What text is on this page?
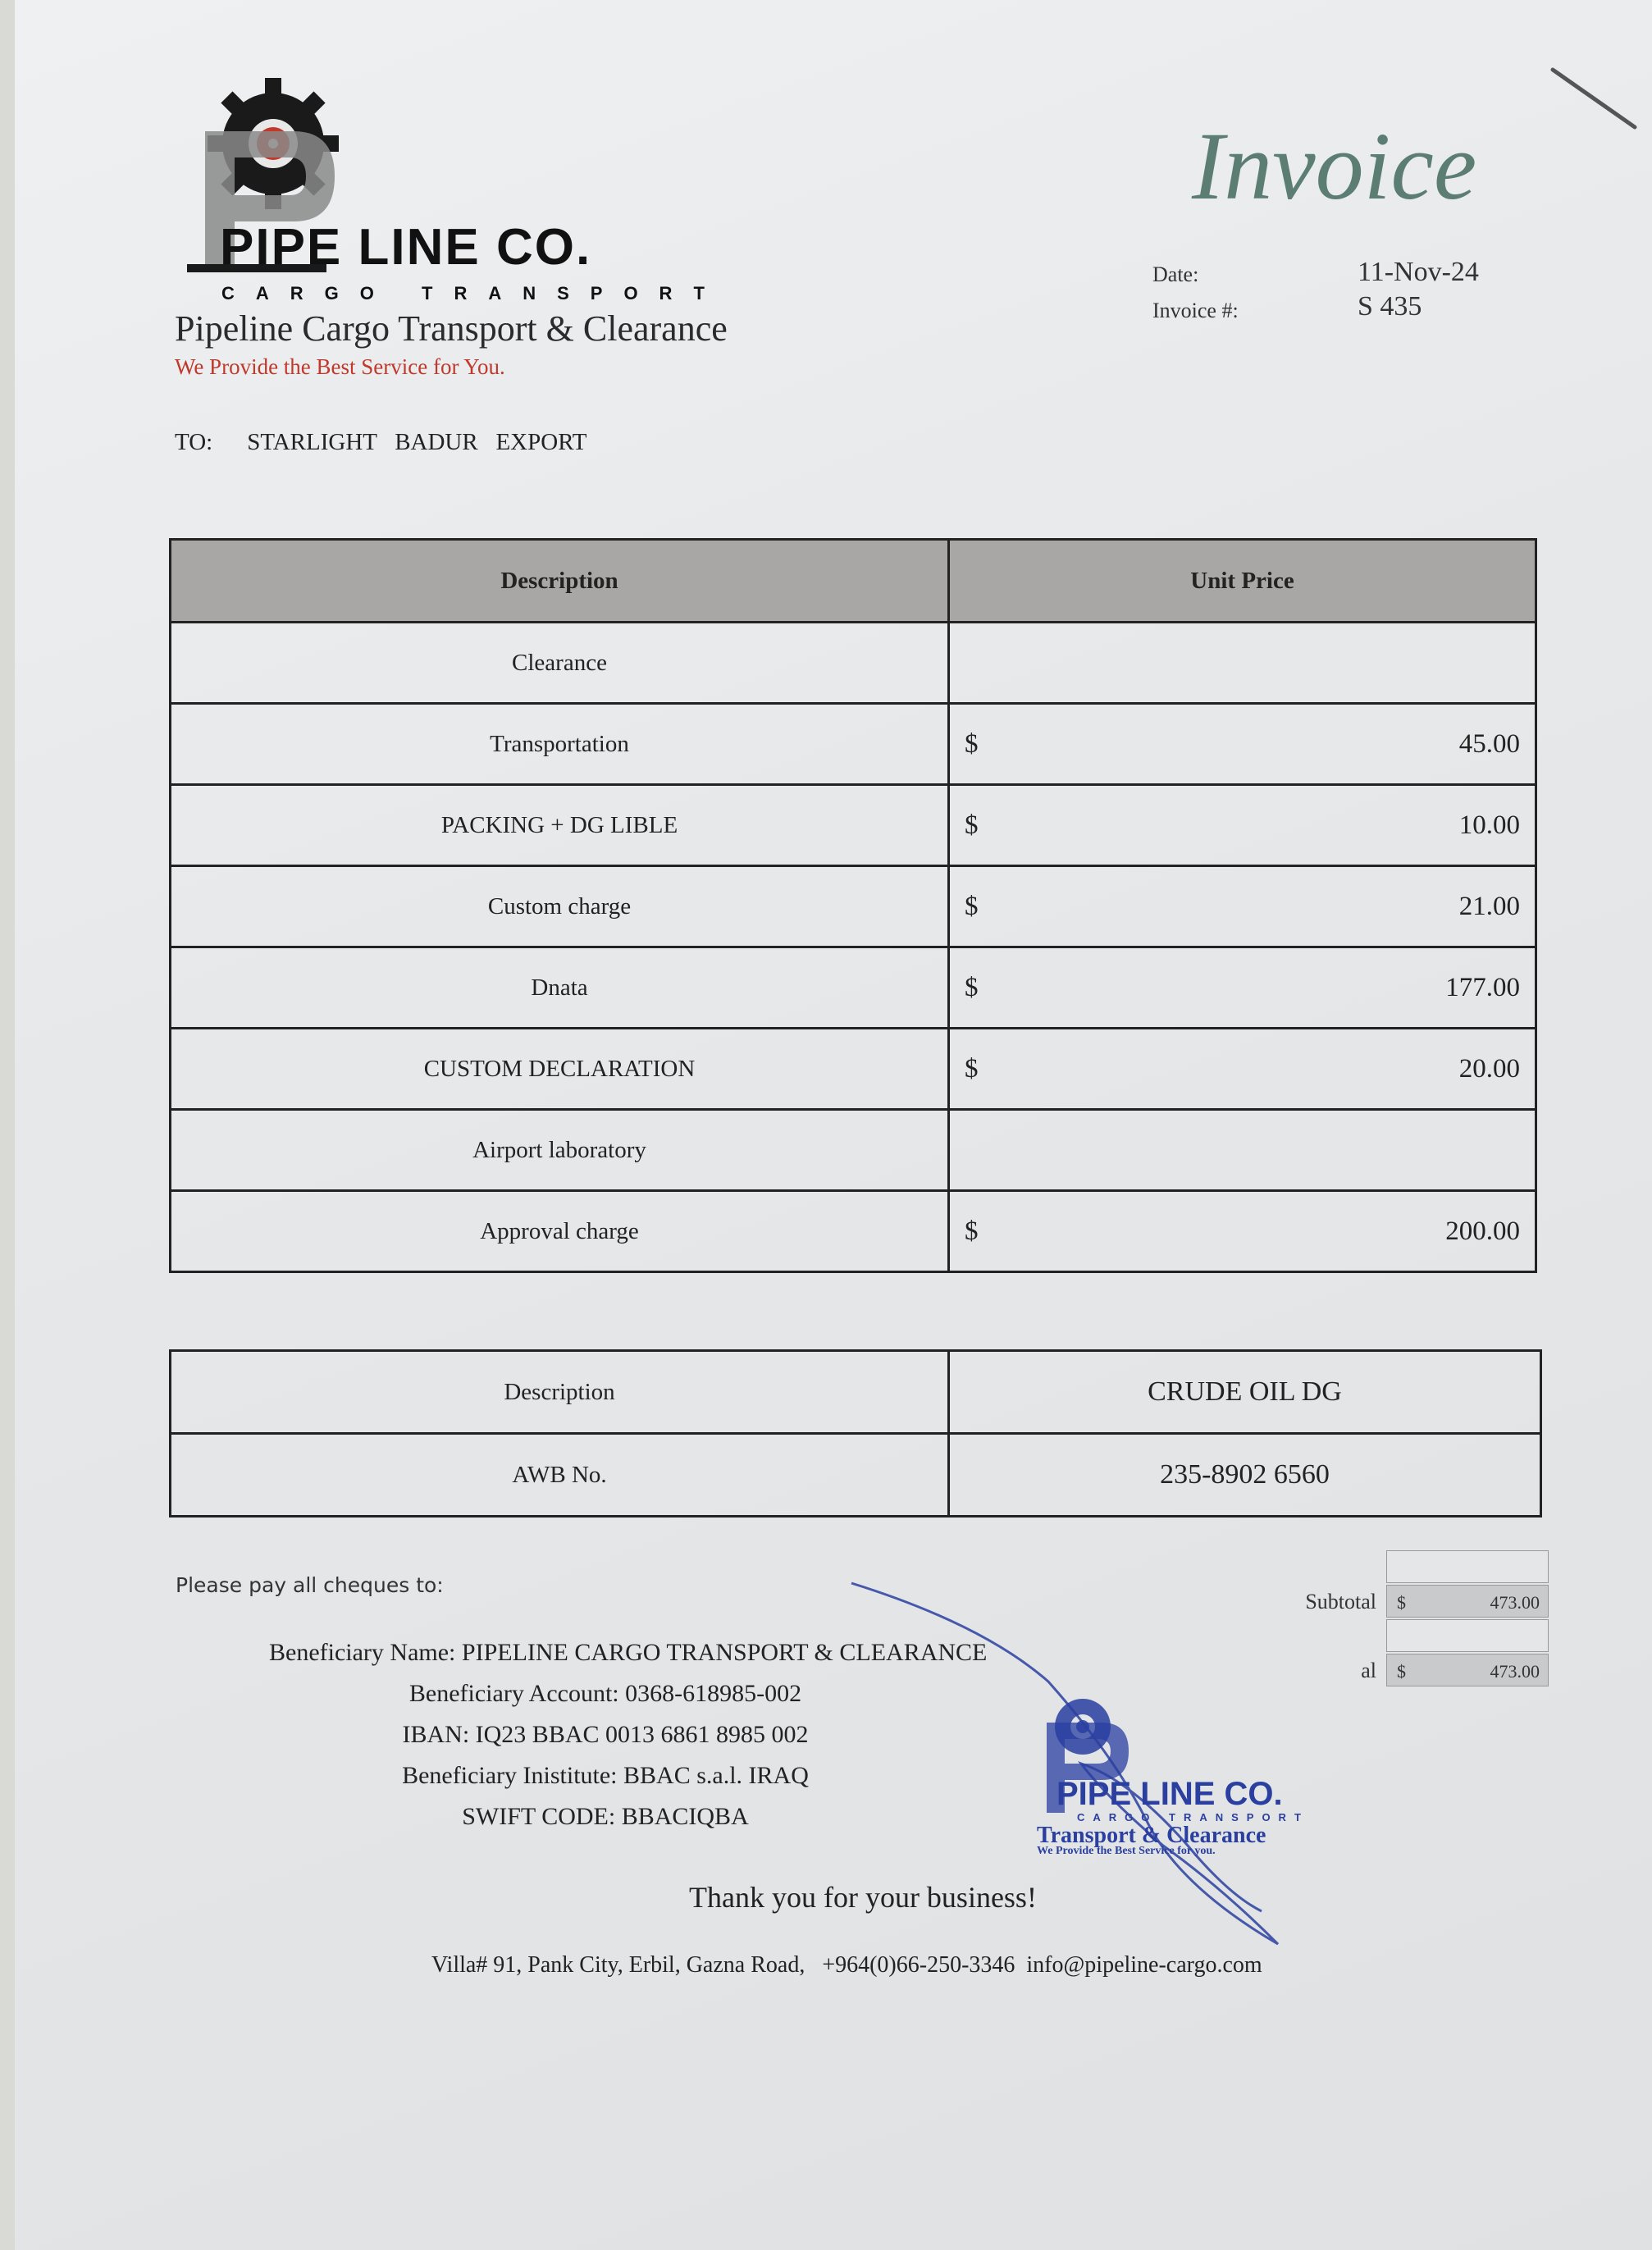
PIPE LINE CO.
CARGO TRANSPORT
Pipeline Cargo Transport & Clearance
We Provide the Best Service for You.
Invoice
Date:	11-Nov-24
Invoice #:	S 435
TO: STARLIGHT   BADUR   EXPORT
Description	Unit Price
Clearance	

Transportation	$ 45.00

PACKING + DG LIBLE	$ 10.00

Custom charge	$ 21.00

Dnata	$ 177.00

CUSTOM DECLARATION	$ 20.00

Airport laboratory	

Approval charge	$ 200.00
Description	CRUDE OIL DG
AWB No.	235-8902 6560
Please pay all cheques to:
Beneficiary Name: PIPELINE CARGO TRANSPORT & CLEARANCE
Beneficiary Account: 0368-618985-002
IBAN: IQ23 BBAC 0013 6861 8985 002
Beneficiary Inistitute: BBAC s.a.l. IRAQ
SWIFT CODE: BBACIQBA
Subtotal $	473.00
al $	473.00
PIPE LINE CO.
CARGO TRANSPORT
Transport & Clearance
We Provide the Best Service for you.
Thank you for your business!
Villa# 91, Pank City, Erbil, Gazna Road,   +964(0)66-250-3346  info@pipeline-cargo.com
